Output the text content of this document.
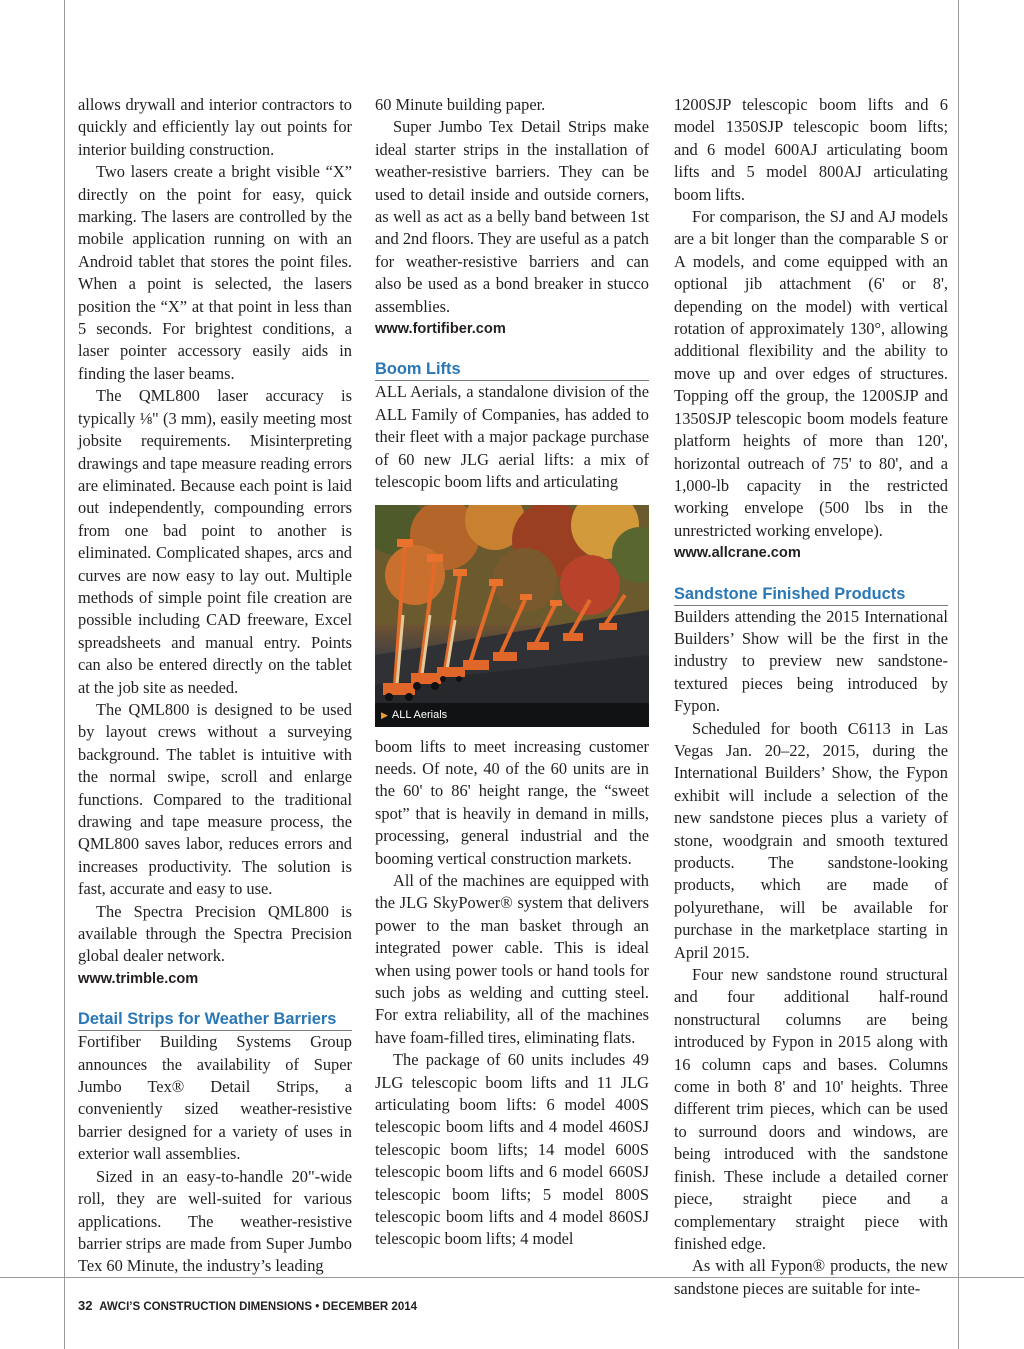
allows drywall and interior contractors to quickly and efficiently lay out points for interior building construction.

Two lasers create a bright visible “X” directly on the point for easy, quick marking. The lasers are controlled by the mobile application running on with an Android tablet that stores the point files. When a point is selected, the lasers position the “X” at that point in less than 5 seconds. For brightest conditions, a laser pointer accessory easily aids in finding the laser beams.

The QML800 laser accuracy is typically ⅛" (3 mm), easily meeting most jobsite requirements. Misinterpreting drawings and tape measure reading errors are eliminated. Because each point is laid out independently, compounding errors from one bad point to another is eliminated. Complicated shapes, arcs and curves are now easy to lay out. Multiple methods of simple point file creation are possible including CAD freeware, Excel spreadsheets and manual entry. Points can also be entered directly on the tablet at the job site as needed.

The QML800 is designed to be used by layout crews without a surveying background. The tablet is intuitive with the normal swipe, scroll and enlarge functions. Compared to the traditional drawing and tape measure process, the QML800 saves labor, reduces errors and increases productivity. The solution is fast, accurate and easy to use.

The Spectra Precision QML800 is available through the Spectra Precision global dealer network.

www.trimble.com
Detail Strips for Weather Barriers

Fortifiber Building Systems Group announces the availability of Super Jumbo Tex® Detail Strips, a conveniently sized weather-resistive barrier designed for a variety of uses in exterior wall assemblies.

Sized in an easy-to-handle 20"-wide roll, they are well-suited for various applications. The weather-resistive barrier strips are made from Super Jumbo Tex 60 Minute, the industry’s leading

60 Minute building paper.

Super Jumbo Tex Detail Strips make ideal starter strips in the installation of weather-resistive barriers. They can be used to detail inside and outside corners, as well as act as a belly band between 1st and 2nd floors. They are useful as a patch for weather-resistive barriers and can also be used as a bond breaker in stucco assemblies.

www.fortifiber.com
Boom Lifts

ALL Aerials, a standalone division of the ALL Family of Companies, has added to their fleet with a major package purchase of 60 new JLG aerial lifts: a mix of telescopic boom lifts and articulating

▶ ALL Aerials

boom lifts to meet increasing customer needs. Of note, 40 of the 60 units are in the 60' to 86' height range, the “sweet spot” that is heavily in demand in mills, processing, general industrial and the booming vertical construction markets.

All of the machines are equipped with the JLG SkyPower® system that delivers power to the man basket through an integrated power cable. This is ideal when using power tools or hand tools for such jobs as welding and cutting steel. For extra reliability, all of the machines have foam-filled tires, eliminating flats.

The package of 60 units includes 49 JLG telescopic boom lifts and 11 JLG articulating boom lifts: 6 model 400S telescopic boom lifts and 4 model 460SJ telescopic boom lifts; 14 model 600S telescopic boom lifts and 6 model 660SJ telescopic boom lifts; 5 model 800S telescopic boom lifts and 4 model 860SJ telescopic boom lifts; 4 model

1200SJP telescopic boom lifts and 6 model 1350SJP telescopic boom lifts; and 6 model 600AJ articulating boom lifts and 5 model 800AJ articulating boom lifts.

For comparison, the SJ and AJ models are a bit longer than the comparable S or A models, and come equipped with an optional jib attachment (6' or 8', depending on the model) with vertical rotation of approximately 130°, allowing additional flexibility and the ability to move up and over edges of structures. Topping off the group, the 1200SJP and 1350SJP telescopic boom models feature platform heights of more than 120', horizontal outreach of 75' to 80', and a 1,000-lb capacity in the restricted working envelope (500 lbs in the unrestricted working envelope).

www.allcrane.com
Sandstone Finished Products

Builders attending the 2015 International Builders’ Show will be the first in the industry to preview new sandstone-textured pieces being introduced by Fypon.

Scheduled for booth C6113 in Las Vegas Jan. 20–22, 2015, during the International Builders’ Show, the Fypon exhibit will include a selection of the new sandstone pieces plus a variety of stone, woodgrain and smooth textured products. The sandstone-looking products, which are made of polyurethane, will be available for purchase in the marketplace starting in April 2015.

Four new sandstone round structural and four additional half-round nonstructural columns are being introduced by Fypon in 2015 along with 16 column caps and bases. Columns come in both 8' and 10' heights. Three different trim pieces, which can be used to surround doors and windows, are being introduced with the sandstone finish. These include a detailed corner piece, straight piece and a complementary straight piece with finished edge.

As with all Fypon® products, the new sandstone pieces are suitable for inte-

32 AWCI’S CONSTRUCTION DIMENSIONS • DECEMBER 2014
